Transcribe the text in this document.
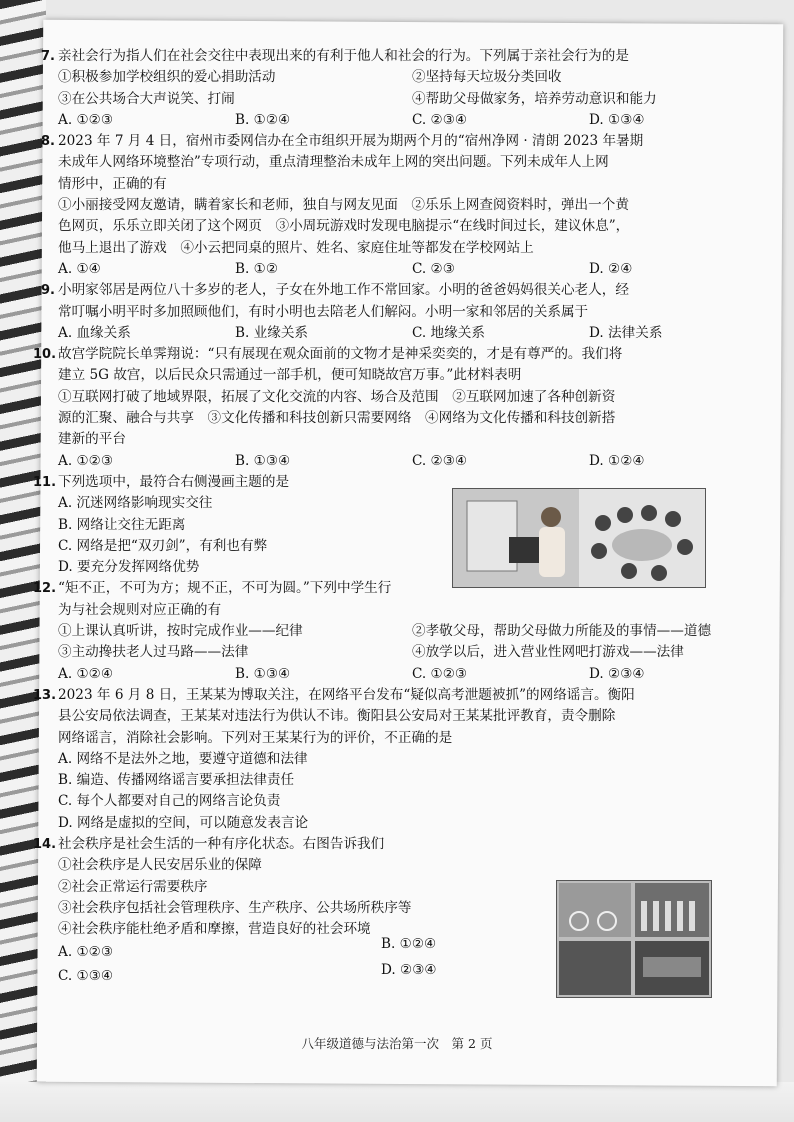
7. 亲社会行为指人们在社会交往中表现出来的有利于他人和社会的行为。下列属于亲社会行为的是
①积极参加学校组织的爱心捐助活动	②坚持每天垃圾分类回收
③在公共场合大声说笑、打闹	④帮助父母做家务，培养劳动意识和能力
A. ①②③	B. ①②④	C. ②③④	D. ①③④
8. 2023 年 7 月 4 日，宿州市委网信办在全市组织开展为期两个月的“宿州净网 · 清朗 2023 年暑期
未成年人网络环境整治”专项行动，重点清理整治未成年上网的突出问题。下列未成年人上网
情形中，正确的有
①小丽接受网友邀请，瞒着家长和老师，独自与网友见面　②乐乐上网查阅资料时，弹出一个黄
色网页，乐乐立即关闭了这个网页　③小周玩游戏时发现电脑提示“在线时间过长，建议休息”，
他马上退出了游戏　④小云把同桌的照片、姓名、家庭住址等都发在学校网站上
A. ①④	B. ①②	C. ②③	D. ②④
9. 小明家邻居是两位八十多岁的老人，子女在外地工作不常回家。小明的爸爸妈妈很关心老人，经
常叮嘱小明平时多加照顾他们，有时小明也去陪老人们解闷。小明一家和邻居的关系属于
A. 血缘关系	B. 业缘关系	C. 地缘关系	D. 法律关系
10. 故宫学院院长单霁翔说：“只有展现在观众面前的文物才是神采奕奕的，才是有尊严的。我们将
建立 5G 故宫，以后民众只需通过一部手机，便可知晓故宫万事。”此材料表明
①互联网打破了地域界限，拓展了文化交流的内容、场合及范围　②互联网加速了各种创新资
源的汇聚、融合与共享　③文化传播和科技创新只需要网络　④网络为文化传播和科技创新搭
建新的平台
A. ①②③	B. ①③④	C. ②③④	D. ①②④
11. 下列选项中，最符合右侧漫画主题的是
A. 沉迷网络影响现实交往
B. 网络让交往无距离
C. 网络是把“双刃剑”，有利也有弊
D. 要充分发挥网络优势
12. “矩不正，不可为方；规不正，不可为圆。”下列中学生行
为与社会规则对应正确的有
①上课认真听讲，按时完成作业——纪律	②孝敬父母，帮助父母做力所能及的事情——道德
③主动搀扶老人过马路——法律	④放学以后，进入营业性网吧打游戏——法律
A. ①②④	B. ①③④	C. ①②③	D. ②③④
13. 2023 年 6 月 8 日，王某某为博取关注，在网络平台发布“疑似高考泄题被抓”的网络谣言。衡阳
县公安局依法调查，王某某对违法行为供认不讳。衡阳县公安局对王某某批评教育，责令删除
网络谣言，消除社会影响。下列对王某某行为的评价，不正确的是
A. 网络不是法外之地，要遵守道德和法律
B. 编造、传播网络谣言要承担法律责任
C. 每个人都要对自己的网络言论负责
D. 网络是虚拟的空间，可以随意发表言论
14. 社会秩序是社会生活的一种有序化状态。右图告诉我们
①社会秩序是人民安居乐业的保障
②社会正常运行需要秩序
③社会秩序包括社会管理秩序、生产秩序、公共场所秩序等
④社会秩序能杜绝矛盾和摩擦，营造良好的社会环境
A. ①②③	B. ①②④
C. ①③④	D. ②③④
八年级道德与法治第一次　第 2 页
